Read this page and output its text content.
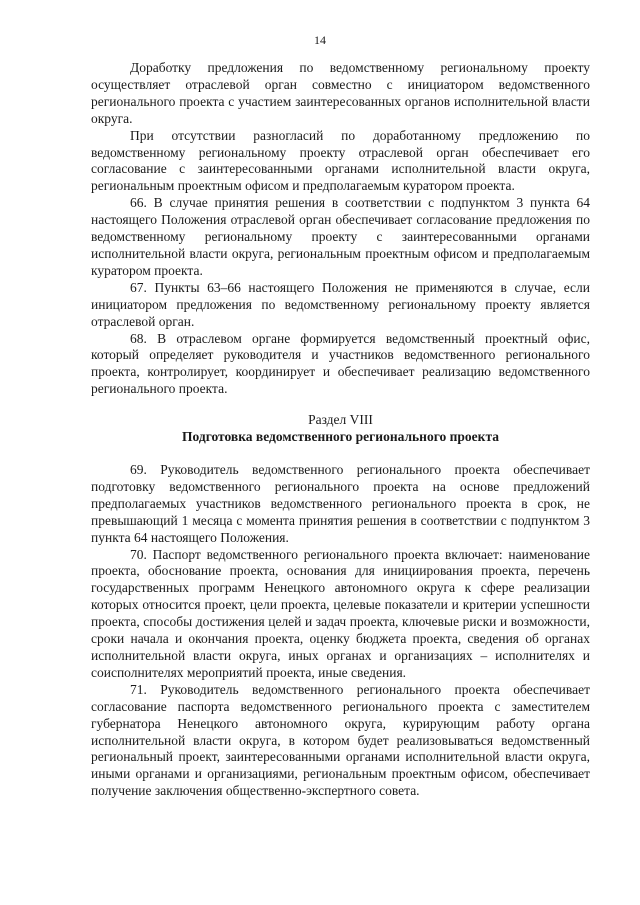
14

Доработку предложения по ведомственному региональному проекту осуществляет отраслевой орган совместно с инициатором ведомственного регионального проекта с участием заинтересованных органов исполнительной власти округа.

При отсутствии разногласий по доработанному предложению по ведомственному региональному проекту отраслевой орган обеспечивает его согласование с заинтересованными органами исполнительной власти округа, региональным проектным офисом и предполагаемым куратором проекта.

66. В случае принятия решения в соответствии с подпунктом 3 пункта 64 настоящего Положения отраслевой орган обеспечивает согласование предложения по ведомственному региональному проекту с заинтересованными органами исполнительной власти округа, региональным проектным офисом и предполагаемым куратором проекта.

67. Пункты 63–66 настоящего Положения не применяются в случае, если инициатором предложения по ведомственному региональному проекту является отраслевой орган.

68. В отраслевом органе формируется ведомственный проектный офис, который определяет руководителя и участников ведомственного регионального проекта, контролирует, координирует и обеспечивает реализацию ведомственного регионального проекта.

Раздел VIII

Подготовка ведомственного регионального проекта

69. Руководитель ведомственного регионального проекта обеспечивает подготовку ведомственного регионального проекта на основе предложений предполагаемых участников ведомственного регионального проекта в срок, не превышающий 1 месяца с момента принятия решения в соответствии с подпунктом 3 пункта 64 настоящего Положения.

70. Паспорт ведомственного регионального проекта включает: наименование проекта, обоснование проекта, основания для инициирования проекта, перечень государственных программ Ненецкого автономного округа к сфере реализации которых относится проект, цели проекта, целевые показатели и критерии успешности проекта, способы достижения целей и задач проекта, ключевые риски и возможности, сроки начала и окончания проекта, оценку бюджета проекта, сведения об органах исполнительной власти округа, иных органах и организациях – исполнителях и соисполнителях мероприятий проекта, иные сведения.

71. Руководитель ведомственного регионального проекта обеспечивает согласование паспорта ведомственного регионального проекта с заместителем губернатора Ненецкого автономного округа, курирующим работу органа исполнительной власти округа, в котором будет реализовываться ведомственный региональный проект, заинтересованными органами исполнительной власти округа, иными органами и организациями, региональным проектным офисом, обеспечивает получение заключения общественно-экспертного совета.
